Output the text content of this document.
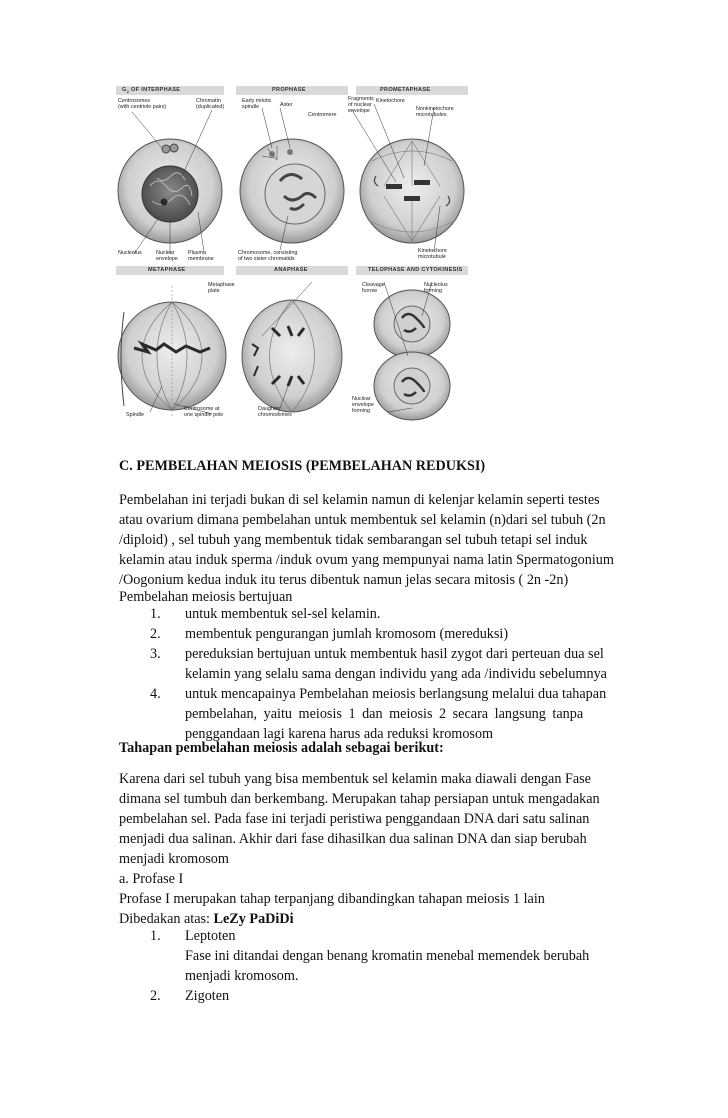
$G_2$ OF INTERPHASE	PROPHASE	PROMETAPHASE
METAPHASE	ANAPHASE	TELOPHASE AND CYTOKINESIS
Centrosomes
(with centriole pairs)
Chromatin
(duplicated)
Early mitotic
spindle	Aster
Centromere
Fragments
of nuclear
envelope
Kinetochore
Nonkinetochore
microtubules
Nucleolus	Nuclear
envelope
Plasma
membrane
Chromosome, consisting
of two sister chromatids
Kinetochore
microtubule
Metaphase
plate
Cleavage
furrow
Nucleolus
forming
Spindle
Centrosome at
one spindle pole
Daughter
chromosomes
Nuclear
envelope
forming
C. PEMBELAHAN MEIOSIS (PEMBELAHAN REDUKSI)
Pembelahan ini terjadi bukan di sel kelamin namun di kelenjar kelamin seperti testes
atau ovarium dimana pembelahan untuk membentuk sel kelamin (n)dari sel tubuh (2n
/diploid) , sel tubuh yang membentuk tidak sembarangan sel tubuh tetapi sel induk
kelamin atau induk sperma /induk ovum yang mempunyai nama latin Spermatogonium
/Oogonium kedua induk itu terus dibentuk namun jelas secara mitosis ( 2n -2n)
Pembelahan meiosis bertujuan
1. untuk membentuk sel-sel kelamin.
2. membentuk pengurangan jumlah kromosom (mereduksi)
3. pereduksian bertujuan untuk membentuk hasil zygot dari perteuan dua sel
kelamin yang selalu sama dengan individu yang ada /individu sebelumnya
4. untuk mencapainya Pembelahan meiosis berlangsung melalui dua tahapan
pembelahan, yaitu meiosis 1 dan meiosis 2 secara langsung tanpa
penggandaan lagi karena harus ada reduksi kromosom
Tahapan pembelahan meiosis adalah sebagai berikut:
Karena dari sel tubuh yang bisa membentuk sel kelamin maka diawali dengan Fase
dimana sel tumbuh dan berkembang. Merupakan tahap persiapan untuk mengadakan
pembelahan sel. Pada fase ini terjadi peristiwa penggandaan DNA dari satu salinan
menjadi dua salinan. Akhir dari fase dihasilkan dua salinan DNA dan siap berubah
menjadi kromosom
a. Profase I
Profase I merupakan tahap terpanjang dibandingkan tahapan meiosis 1 lain
Dibedakan atas: LeZy PaDiDi
1. Leptoten
Fase ini ditandai dengan benang kromatin menebal memendek berubah
menjadi kromosom.
2. Zigoten
